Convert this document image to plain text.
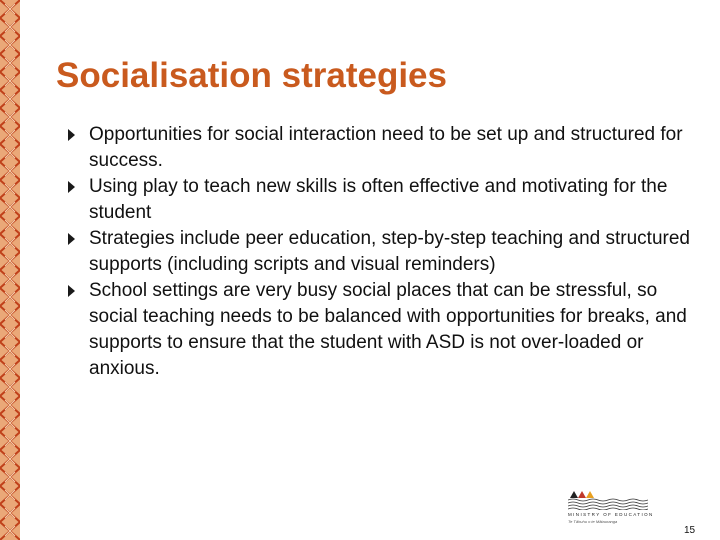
Socialisation strategies
Opportunities for social interaction need to be set up and structured for success.
Using play to teach new skills is often effective and motivating for the student
Strategies include peer education, step-by-step teaching and structured supports (including scripts and visual reminders)
School settings are very busy social places that can be stressful, so social teaching needs to be balanced with opportunities for breaks, and supports to ensure that the student with ASD is not over-loaded or anxious.
MINISTRY OF EDUCATION
Te Tāhuhu o te Mātauranga
15
